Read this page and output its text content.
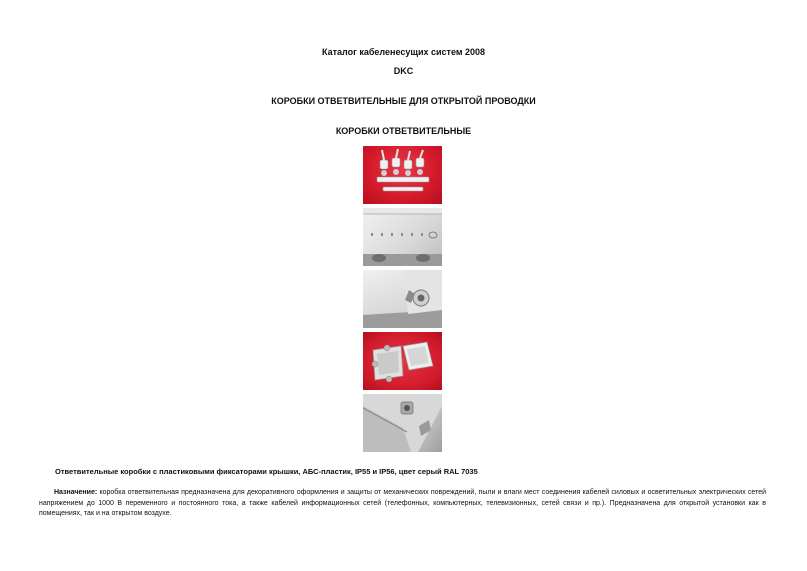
Каталог кабеленесущих систем 2008
DKC
КОРОБКИ ОТВЕТВИТЕЛЬНЫЕ ДЛЯ ОТКРЫТОЙ ПРОВОДКИ
КОРОБКИ ОТВЕТВИТЕЛЬНЫЕ
Ответвительные коробки с пластиковыми фиксаторами крышки, АБС-пластик, IP55 и IP56, цвет серый RAL 7035
Назначение: коробка ответвительная предназначена для декоративного оформления и защиты от механических повреждений, пыли и влаги мест соединения кабелей силовых и осветительных электрических сетей напряжением до 1000 В переменного и постоянного тока, а также кабелей информационных сетей (телефонных, компьютерных, телевизионных, сетей связи и пр.). Предназначена для открытой установки как в помещениях, так и на открытом воздухе.
